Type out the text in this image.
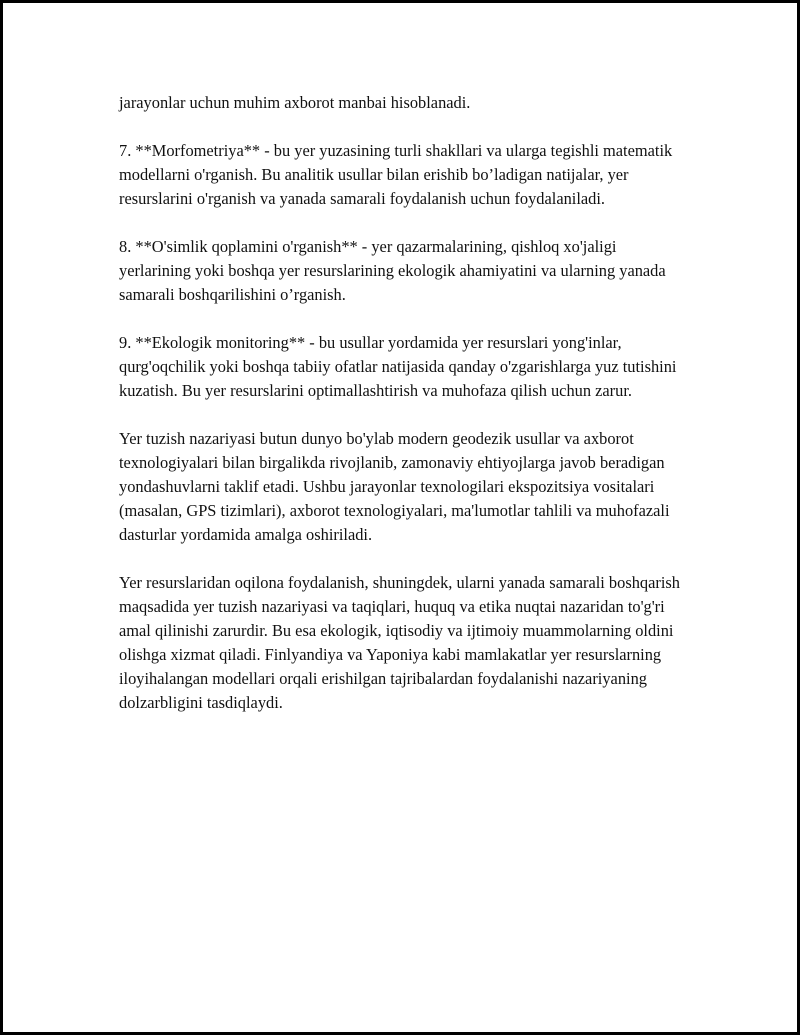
jarayonlar uchun muhim axborot manbai hisoblanadi.

7. **Morfometriya** - bu yer yuzasining turli shakllari va ularga tegishli matematik modellarni o'rganish. Bu analitik usullar bilan erishib bo’ladigan natijalar, yer resurslarini o'rganish va yanada samarali foydalanish uchun foydalaniladi.

8. **O'simlik qoplamini o'rganish** - yer qazarmalarining, qishloq xo'jaligi yerlarining yoki boshqa yer resurslarining ekologik ahamiyatini va ularning yanada samarali boshqarilishini o’rganish.

9. **Ekologik monitoring** - bu usullar yordamida yer resurslari yong'inlar, qurg'oqchilik yoki boshqa tabiiy ofatlar natijasida qanday o'zgarishlarga yuz tutishini kuzatish. Bu yer resurslarini optimallashtirish va muhofaza qilish uchun zarur.

Yer tuzish nazariyasi butun dunyo bo'ylab modern geodezik usullar va axborot texnologiyalari bilan birgalikda rivojlanib, zamonaviy ehtiyojlarga javob beradigan yondashuvlarni taklif etadi. Ushbu jarayonlar texnologilari ekspozitsiya vositalari (masalan, GPS tizimlari), axborot texnologiyalari, ma'lumotlar tahlili va muhofazali dasturlar yordamida amalga oshiriladi.

Yer resurslaridan oqilona foydalanish, shuningdek, ularni yanada samarali boshqarish maqsadida yer tuzish nazariyasi va taqiqlari, huquq va etika nuqtai nazaridan to'g'ri amal qilinishi zarurdir. Bu esa ekologik, iqtisodiy va ijtimoiy muammolarning oldini olishga xizmat qiladi. Finlyandiya va Yaponiya kabi mamlakatlar yer resurslarning iloyihalangan modellari orqali erishilgan tajribalardan foydalanishi nazariyaning dolzarbligini tasdiqlaydi.
